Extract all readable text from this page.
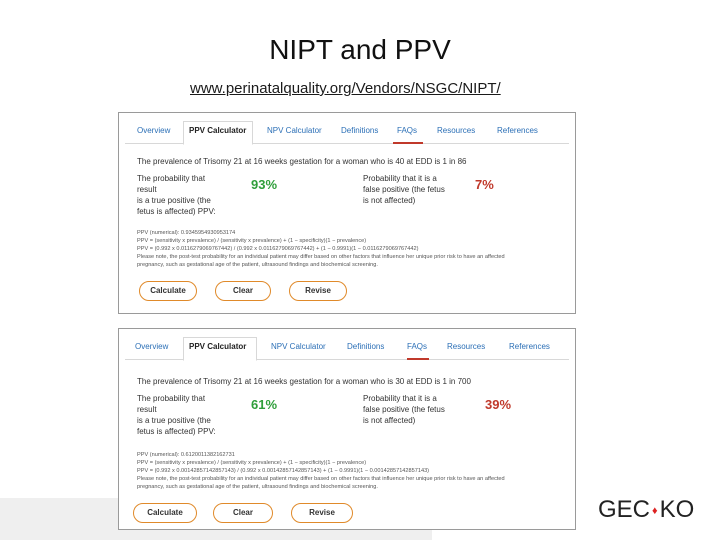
NIPT and PPV
www.perinatalquality.org/Vendors/NSGC/NIPT/
Overview PPV Calculator	NPV Calculator Definitions FAQs Resources	References
The prevalence of Trisomy 21 at 16 weeks gestation for a woman who is 40 at EDD is 1 in 86
The probability that result
is a true positive (the
fetus is affected) PPV:
93%	Probability that it is a
false positive (the fetus
is not affected)
7%
PPV (numerical): 0.9345954930953174
PPV = (sensitivity x prevalence) / (sensitivity x prevalence) + (1 − specificity)(1 − prevalence)
PPV = (0.992 x 0.0116279069767442) / (0.992 x 0.0116279069767442) + (1 − 0.9991)(1 − 0.0116279069767442)
Please note, the post-test probability for an individual patient may differ based on other factors that influence her unique prior risk to have an affected
pregnancy, such as gestational age of the patient, ultrasound findings and biochemical screening.
Calculate	Clear	Revise
Overview	PPV Calculator	NPV Calculator	Definitions	FAQs Resources	References
The prevalence of Trisomy 21 at 16 weeks gestation for a woman who is 30 at EDD is 1 in 700
The probability that result
is a true positive (the
fetus is affected) PPV:
61%	Probability that it is a
false positive (the fetus
is not affected)
39%
PPV (numerical): 0.6120011382162731
PPV = (sensitivity x prevalence) / (sensitivity x prevalence) + (1 − specificity)(1 − prevalence)
PPV = (0.992 x 0.00142857142857143) / (0.992 x 0.00142857142857143) + (1 − 0.9991)(1 − 0.00142857142857143)
Please note, the post-test probability for an individual patient may differ based on other factors that influence her unique prior risk to have an affected
pregnancy, such as gestational age of the patient, ultrasound findings and biochemical screening.
Calculate	Clear	Revise	GEC ♦KO
